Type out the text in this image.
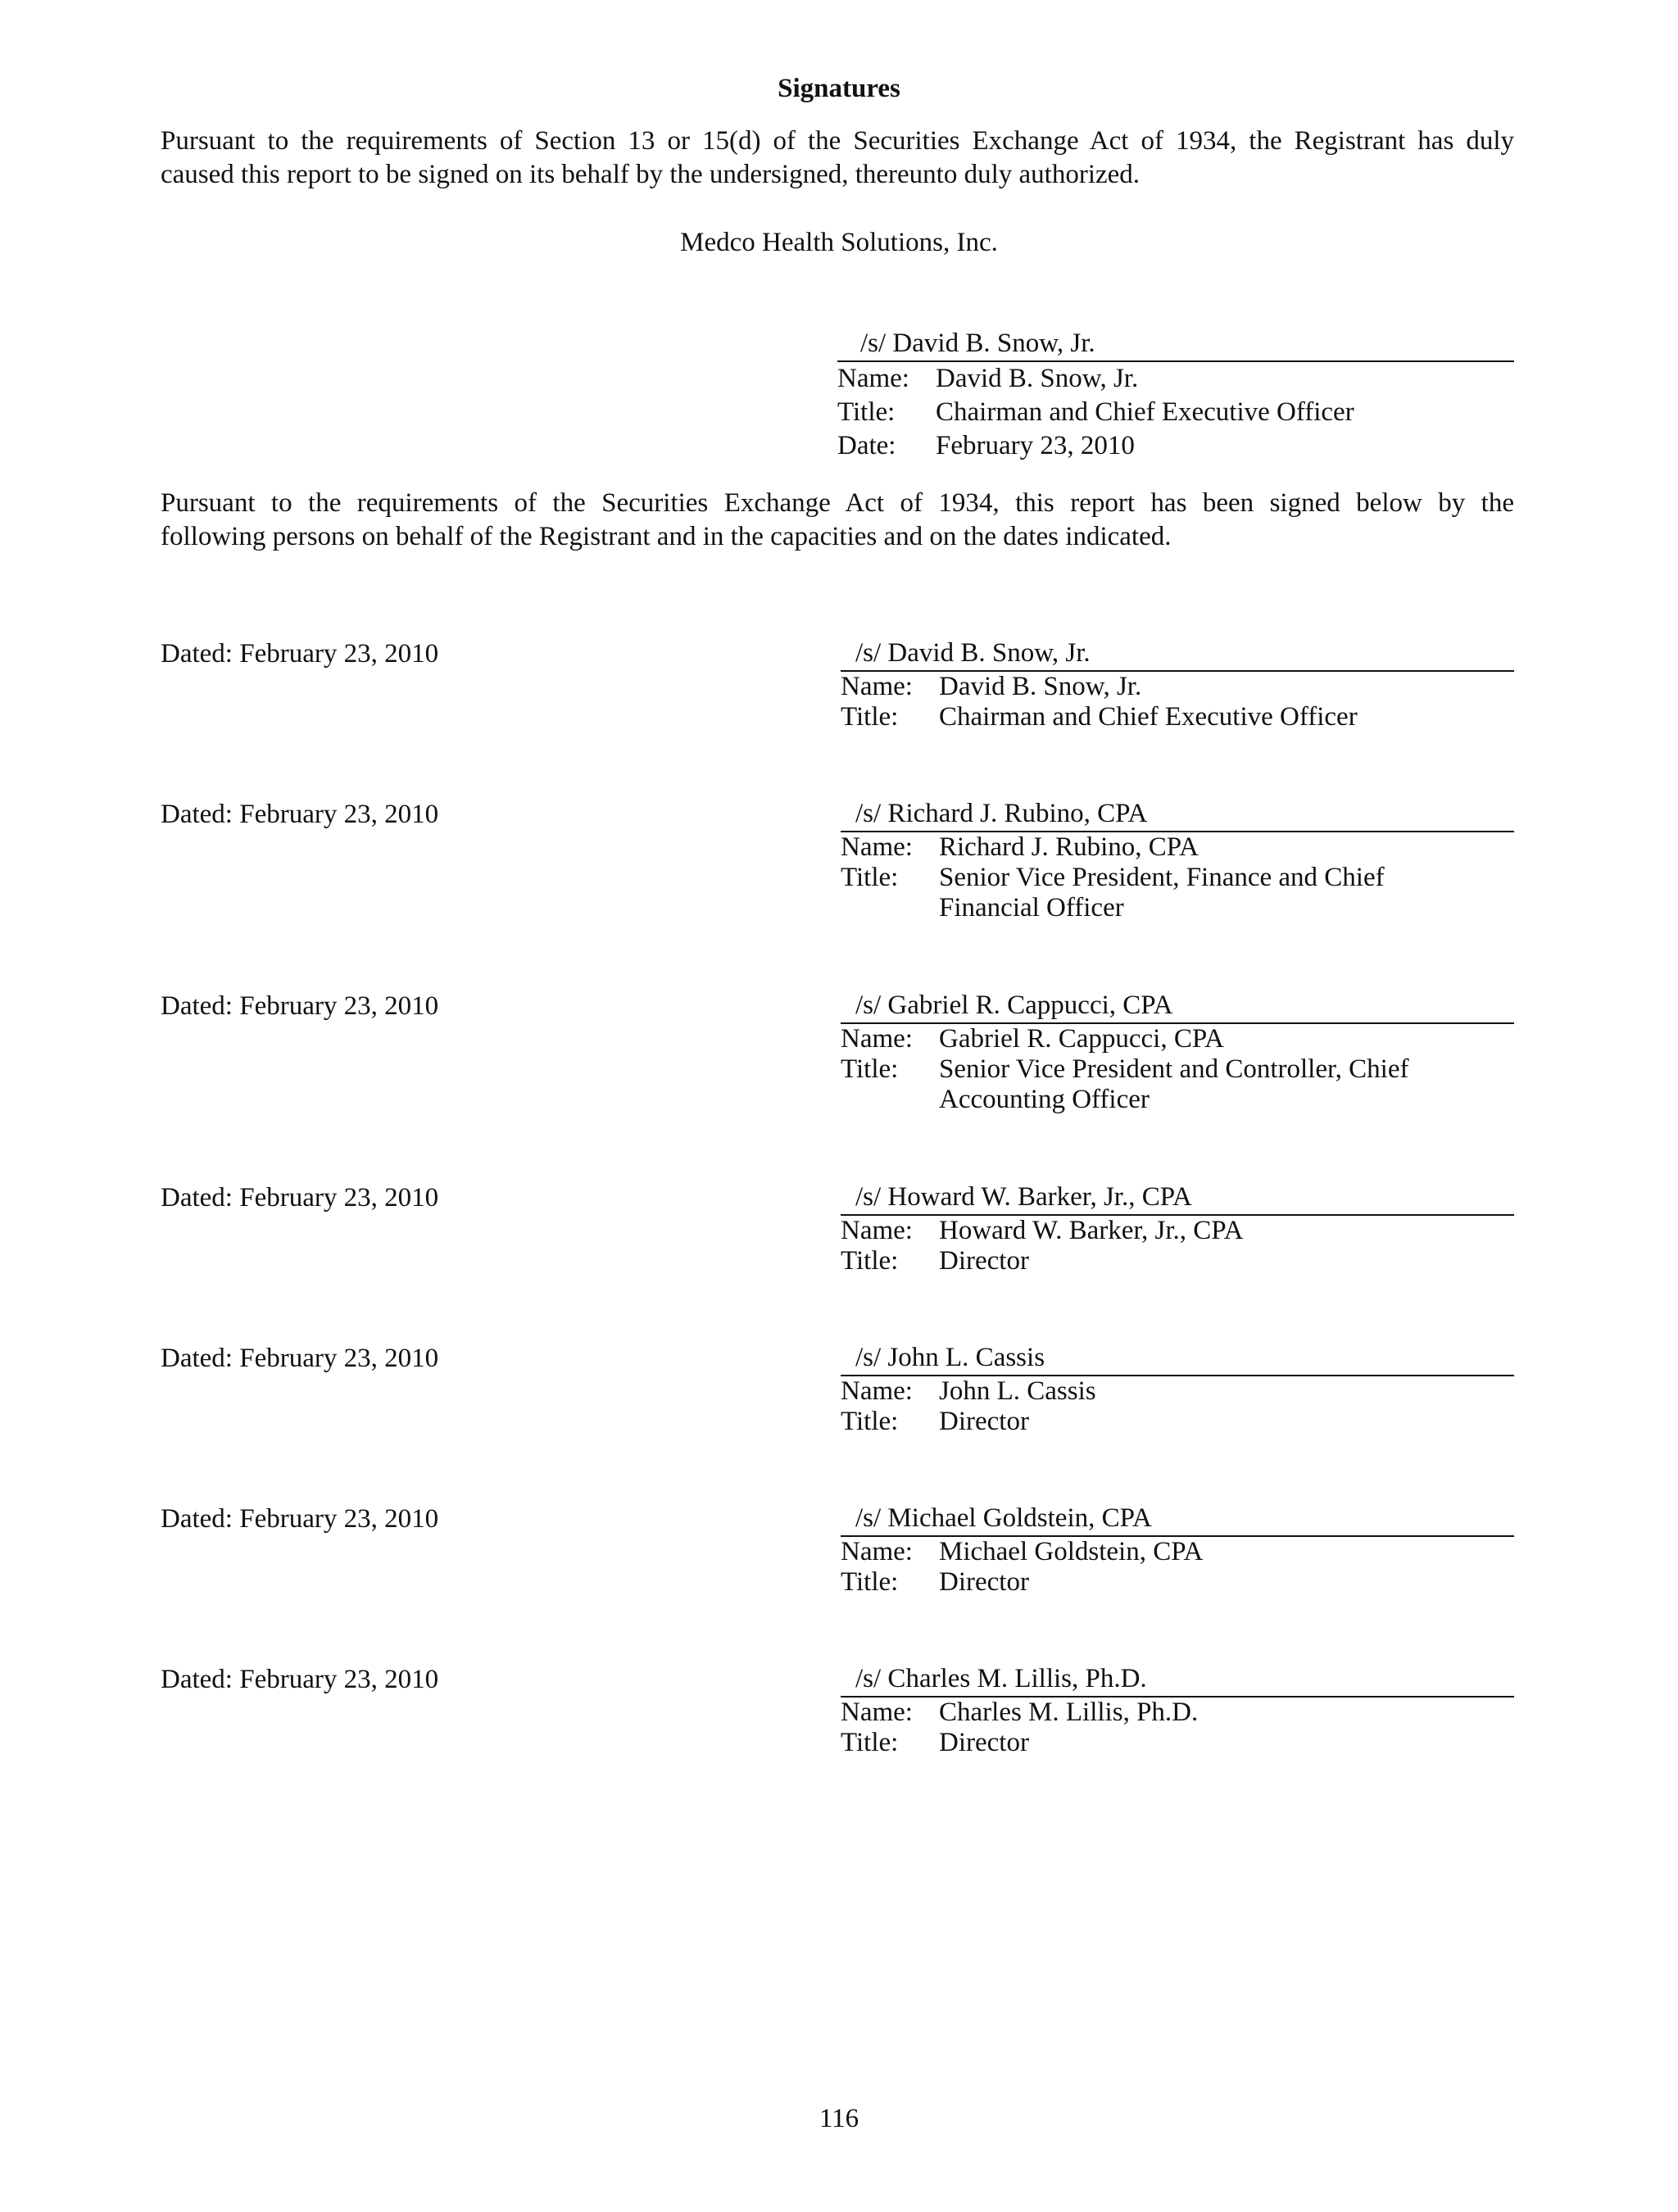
Signatures
Pursuant to the requirements of Section 13 or 15(d) of the Securities Exchange Act of 1934, the Registrant has duly
caused this report to be signed on its behalf by the undersigned, thereunto duly authorized.
Medco Health Solutions, Inc.
/s/ David B. Snow, Jr.
Name: David B. Snow, Jr.
Title: Chairman and Chief Executive Officer
Date: February 23, 2010
Pursuant to the requirements of the Securities Exchange Act of 1934, this report has been signed below by the
following persons on behalf of the Registrant and in the capacities and on the dates indicated.
Dated: February 23, 2010	/s/ David B. Snow, Jr.
Name: David B. Snow, Jr.
Title: Chairman and Chief Executive Officer
Dated: February 23, 2010	/s/ Richard J. Rubino, CPA
Name: Richard J. Rubino, CPA
Title: Senior Vice President, Finance and Chief
Financial Officer
Dated: February 23, 2010	/s/ Gabriel R. Cappucci, CPA
Name: Gabriel R. Cappucci, CPA
Title: Senior Vice President and Controller, Chief
Accounting Officer
Dated: February 23, 2010	/s/ Howard W. Barker, Jr., CPA
Name: Howard W. Barker, Jr., CPA
Title: Director
Dated: February 23, 2010	/s/ John L. Cassis
Name: John L. Cassis
Title: Director
Dated: February 23, 2010	/s/ Michael Goldstein, CPA
Name: Michael Goldstein, CPA
Title: Director
Dated: February 23, 2010	/s/ Charles M. Lillis, Ph.D.
Name: Charles M. Lillis, Ph.D.
Title: Director
116
